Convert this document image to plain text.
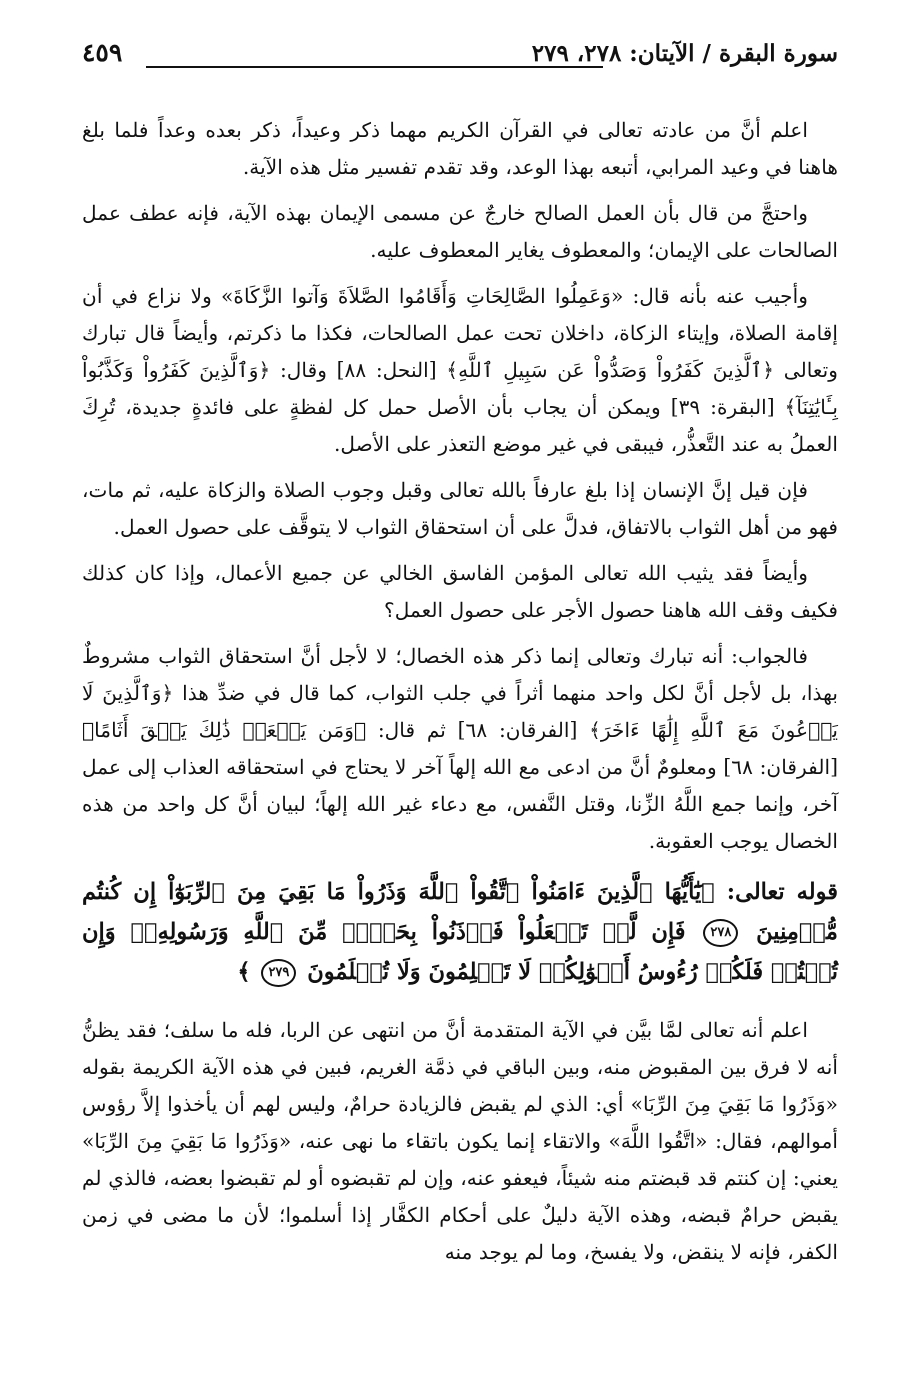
سورة البقرة / الآيتان: ٢٧٨، ٢٧٩
٤٥٩

اعلم أنَّ من عادته تعالى في القرآن الكريم مهما ذكر وعيداً، ذكر بعده وعداً فلما بلغ هاهنا في وعيد المرابي، أتبعه بهذا الوعد، وقد تقدم تفسير مثل هذه الآية.

واحتجَّ من قال بأن العمل الصالح خارجٌ عن مسمى الإيمان بهذه الآية، فإنه عطف عمل الصالحات على الإيمان؛ والمعطوف يغاير المعطوف عليه.

وأجيب عنه بأنه قال: «وَعَمِلُوا الصَّالِحَاتِ وَأَقَامُوا الصَّلاَةَ وَآتوا الزَّكَاةَ» ولا نزاع في أن إقامة الصلاة، وإيتاء الزكاة، داخلان تحت عمل الصالحات، فكذا ما ذكرتم، وأيضاً قال تبارك وتعالى ﴿ٱلَّذِينَ كَفَرُواْ وَصَدُّواْ عَن سَبِيلِ ٱللَّهِ﴾ [النحل: ٨٨] وقال: ﴿وَٱلَّذِينَ كَفَرُواْ وَكَذَّبُواْ بِـَٔايَٰتِنَآ﴾ [البقرة: ٣٩] ويمكن أن يجاب بأن الأصل حمل كل لفظةٍ على فائدةٍ جديدة، تُرِكَ العملُ به عند التَّعذُّر، فيبقى في غير موضع التعذر على الأصل.

فإن قيل إنَّ الإنسان إذا بلغ عارفاً بالله تعالى وقبل وجوب الصلاة والزكاة عليه، ثم مات، فهو من أهل الثواب بالاتفاق، فدلَّ على أن استحقاق الثواب لا يتوقَّف على حصول العمل.

وأيضاً فقد يثيب الله تعالى المؤمن الفاسق الخالي عن جميع الأعمال، وإذا كان كذلك فكيف وقف الله هاهنا حصول الأجر على حصول العمل؟

فالجواب: أنه تبارك وتعالى إنما ذكر هذه الخصال؛ لا لأجل أنَّ استحقاق الثواب مشروطٌ بهذا، بل لأجل أنَّ لكل واحد منهما أثراً في جلب الثواب، كما قال في ضدِّ هذا ﴿وَٱلَّذِينَ لَا يَدۡعُونَ مَعَ ٱللَّهِ إِلَٰهًا ءَاخَرَ﴾ [الفرقان: ٦٨] ثم قال: ﴿وَمَن يَفۡعَلۡ ذَٰلِكَ يَلۡقَ أَثَامًا﴾ [الفرقان: ٦٨] ومعلومٌ أنَّ من ادعى مع الله إلهاً آخر لا يحتاج في استحقاقه العذاب إلى عمل آخر، وإنما جمع اللَّهُ الزِّنا، وقتل النَّفس، مع دعاء غير الله إلهاً؛ لبيان أنَّ كل واحد من هذه الخصال يوجب العقوبة.

قوله تعالى: ﴿يَٰٓأَيُّهَا ٱلَّذِينَ ءَامَنُواْ ٱتَّقُواْ ٱللَّهَ وَذَرُواْ مَا بَقِيَ مِنَ ٱلرِّبَوٰٓاْ إِن كُنتُم مُّؤۡمِنِينَ ٢٧٨ فَإِن لَّمۡ تَفۡعَلُواْ فَأۡذَنُواْ بِحَرۡبٖ مِّنَ ٱللَّهِ وَرَسُولِهِۦۖ وَإِن تُبۡتُمۡ فَلَكُمۡ رُءُوسُ أَمۡوَٰلِكُمۡ لَا تَظۡلِمُونَ وَلَا تُظۡلَمُونَ ٢٧٩ ﴾

اعلم أنه تعالى لمَّا بيَّن في الآية المتقدمة أنَّ من انتهى عن الربا، فله ما سلف؛ فقد يظنُّ أنه لا فرق بين المقبوض منه، وبين الباقي في ذمَّة الغريم، فبين في هذه الآية الكريمة بقوله «وَذَرُوا مَا بَقِيَ مِنَ الرِّبَا» أي: الذي لم يقبض فالزيادة حرامٌ، وليس لهم أن يأخذوا إلاَّ رؤوس أموالهم، فقال: «اتَّقُوا اللَّهَ» والاتقاء إنما يكون باتقاء ما نهى عنه، «وَذَرُوا مَا بَقِيَ مِنَ الرِّبَا» يعني: إن كنتم قد قبضتم منه شيئاً، فيعفو عنه، وإن لم تقبضوه أو لم تقبضوا بعضه، فالذي لم يقبض حرامٌ قبضه، وهذه الآية دليلٌ على أحكام الكفَّار إذا أسلموا؛ لأن ما مضى في زمن الكفر، فإنه لا ينقض، ولا يفسخ، وما لم يوجد منه
